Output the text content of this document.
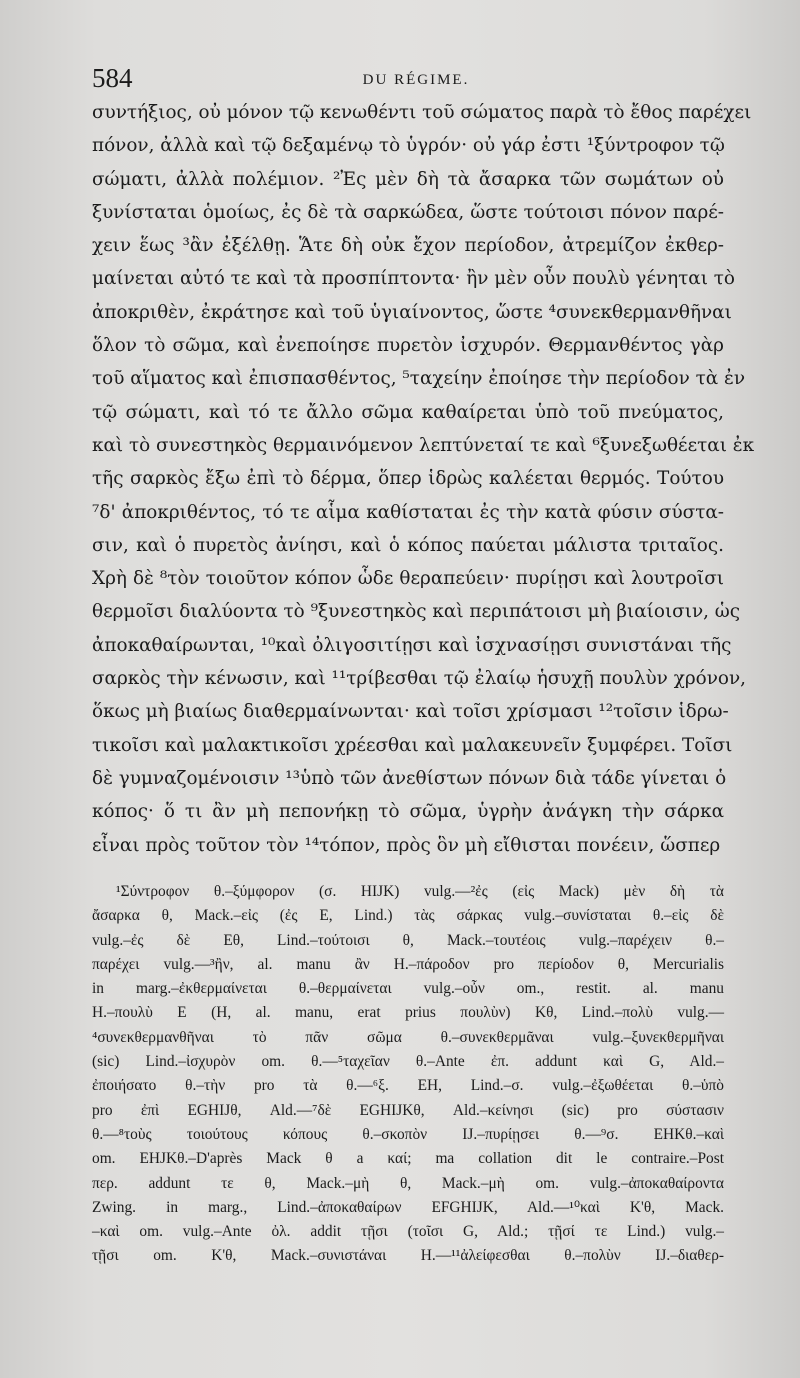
584	DU RÉGIME.
συντήξιος, οὐ μόνον τῷ κενωθέντι τοῦ σώματος παρὰ τὸ ἔθος παρέχει
πόνον, ἀλλὰ καὶ τῷ δεξαμένῳ τὸ ὑγρόν· οὐ γάρ ἐστι ¹ξύντροφον τῷ
σώματι, ἀλλὰ πολέμιον. ²Ἐς μὲν δὴ τὰ ἄσαρκα τῶν σωμάτων οὐ
ξυνίσταται ὁμοίως, ἐς δὲ τὰ σαρκώδεα, ὥστε τούτοισι πόνον παρέ-
χειν ἕως ³ἂν ἐξέλθῃ. Ἅτε δὴ οὐκ ἔχον περίοδον, ἀτρεμίζον ἐκθερ-
μαίνεται αὐτό τε καὶ τὰ προσπίπτοντα· ἢν μὲν οὖν πουλὺ γένηται τὸ
ἀποκριθὲν, ἐκράτησε καὶ τοῦ ὑγιαίνοντος, ὥστε ⁴συνεκθερμανθῆναι
ὅλον τὸ σῶμα, καὶ ἐνεποίησε πυρετὸν ἰσχυρόν. Θερμανθέντος γὰρ
τοῦ αἵματος καὶ ἐπισπασθέντος, ⁵ταχείην ἐποίησε τὴν περίοδον τὰ ἐν
τῷ σώματι, καὶ τό τε ἄλλο σῶμα καθαίρεται ὑπὸ τοῦ πνεύματος,
καὶ τὸ συνεστηκὸς θερμαινόμενον λεπτύνεταί τε καὶ ⁶ξυνεξωθέεται ἐκ
τῆς σαρκὸς ἔξω ἐπὶ τὸ δέρμα, ὅπερ ἱδρὼς καλέεται θερμός. Τούτου
⁷δ' ἀποκριθέντος, τό τε αἷμα καθίσταται ἐς τὴν κατὰ φύσιν σύστα-
σιν, καὶ ὁ πυρετὸς ἀνίησι, καὶ ὁ κόπος παύεται μάλιστα τριταῖος.
Χρὴ δὲ ⁸τὸν τοιοῦτον κόπον ὧδε θεραπεύειν· πυρίῃσι καὶ λουτροῖσι
θερμοῖσι διαλύοντα τὸ ⁹ξυνεστηκὸς καὶ περιπάτοισι μὴ βιαίοισιν, ὡς
ἀποκαθαίρωνται, ¹⁰καὶ ὀλιγοσιτίῃσι καὶ ἰσχνασίῃσι συνιστάναι τῆς
σαρκὸς τὴν κένωσιν, καὶ ¹¹τρίβεσθαι τῷ ἐλαίῳ ἡσυχῇ πουλὺν χρόνον,
ὅκως μὴ βιαίως διαθερμαίνωνται· καὶ τοῖσι χρίσμασι ¹²τοῖσιν ἱδρω-
τικοῖσι καὶ μαλακτικοῖσι χρέεσθαι καὶ μαλακευνεῖν ξυμφέρει. Τοῖσι
δὲ γυμναζομένοισιν ¹³ὑπὸ τῶν ἀνεθίστων πόνων διὰ τάδε γίνεται ὁ
κόπος· ὅ τι ἂν μὴ πεπονήκῃ τὸ σῶμα, ὑγρὴν ἀνάγκη τὴν σάρκα
εἶναι πρὸς τοῦτον τὸν ¹⁴τόπον, πρὸς ὃν μὴ εἴθισται πονέειν, ὥσπερ
¹Σύντροφον θ.–ξύμφορον (σ. HIJK) vulg.—²ἐς (εἰς Mack) μὲν δὴ τὰ
ἄσαρκα θ, Mack.–εἰς (ἐς E, Lind.) τὰς σάρκας vulg.–συνίσταται θ.–εἰς δὲ
vulg.–ἐς δὲ Eθ, Lind.–τούτοισι θ, Mack.–τουτέοις vulg.–παρέχειν θ.–
παρέχει vulg.—³ἢν, al. manu ἂν H.–πάροδον pro περίοδον θ, Mercurialis
in marg.–ἐκθερμαίνεται θ.–θερμαίνεται vulg.–οὖν om., restit. al. manu
H.–πουλὺ E (H, al. manu, erat prius πουλὺν) Kθ, Lind.–πολὺ vulg.—
⁴συνεκθερμανθῆναι τὸ πᾶν σῶμα θ.–συνεκθερμᾶναι vulg.–ξυνεκθερμῆναι
(sic) Lind.–ἰσχυρὸν om. θ.—⁵ταχεῖαν θ.–Ante ἐπ. addunt καὶ G, Ald.–
ἐποιήσατο θ.–τὴν pro τὰ θ.—⁶ξ. EH, Lind.–σ. vulg.–ἐξωθέεται θ.–ὑπὸ
pro ἐπὶ EGHIJθ, Ald.—⁷δὲ EGHIJKθ, Ald.–κείνησι (sic) pro σύστασιν
θ.—⁸τοὺς τοιούτους κόπους θ.–σκοπὸν IJ.–πυρίῃσει θ.—⁹σ. EHKθ.–καὶ
om. EHJKθ.–D'après Mack θ a καί; ma collation dit le contraire.–Post
περ. addunt τε θ, Mack.–μὴ θ, Mack.–μὴ om. vulg.–ἀποκαθαίροντα
Zwing. in marg., Lind.–ἀποκαθαίρων EFGHIJK, Ald.—¹⁰καὶ K'θ, Mack.
–καὶ om. vulg.–Ante ὀλ. addit τῇσι (τοῖσι G, Ald.; τῇσί τε Lind.) vulg.–
τῇσι om. K'θ, Mack.–συνιστάναι H.—¹¹ἀλείφεσθαι θ.–πολὺν IJ.–διαθερ-
